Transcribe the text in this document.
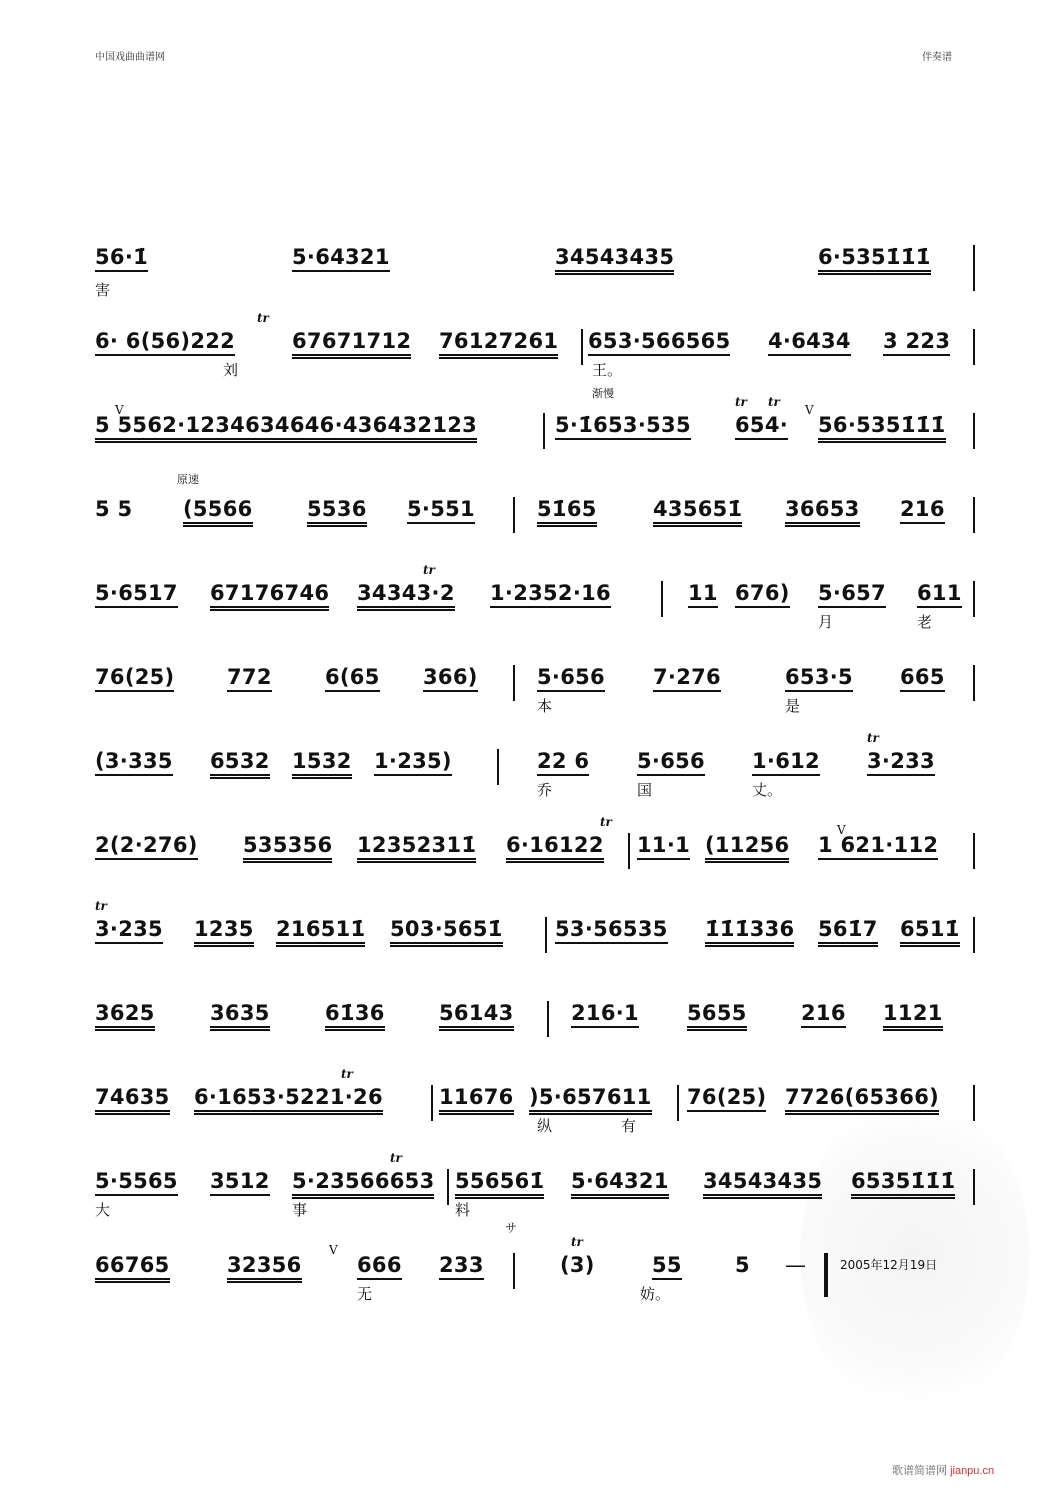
中国戏曲曲谱网	伴奏谱
56·1̇	5·64321	34543435	6·5351̇1̇1̇
害
6· 6(56)222
tr
67671712 76127261 653·566565 4·6434 3 223
刘	王。
渐慢
5 5562·1234634646·436432123
V
5·1̇653·535 654·
tr tr
V
56·5351̇1̇1̇
5 5
原速
(5566	5536 5·551	51̇65	435651̇ 36653 216
5·6517 67176746 34343·2
tr
1·2352·16	11 676) 5·657 611
月	老
76(25)	772	6(65 366)	5·656 7·276	653·5 665
本	是
(3·335 6532 1532 1·235)	22 6 5·656 1·612
tr
3·233
乔	国	丈。
2(2·276) 535356 12352311̇
tr
6·16122 11·1 (11256
V
1 621·112
tr
3·235 1235 216511̇ 503·5651̇ 53·56535 1̇1̇1̇336 561̇7 6511̇
3625	3635	61̇36	56143	216·1 5655	216 1121
74635 6·1653·5221·26
tr
11676 )5·657611 76(25) 7726(65366)
纵	有
5·5565 3512
tr
5·23566653 556561̇ 5·64321 34543435 65351̇1̇1̇
大	事	料
66765	32356
V
666 233
サ
tr
(3)	55	5 —	2005年12月19日
无	妨。
歌谱简谱网 jianpu.cn
